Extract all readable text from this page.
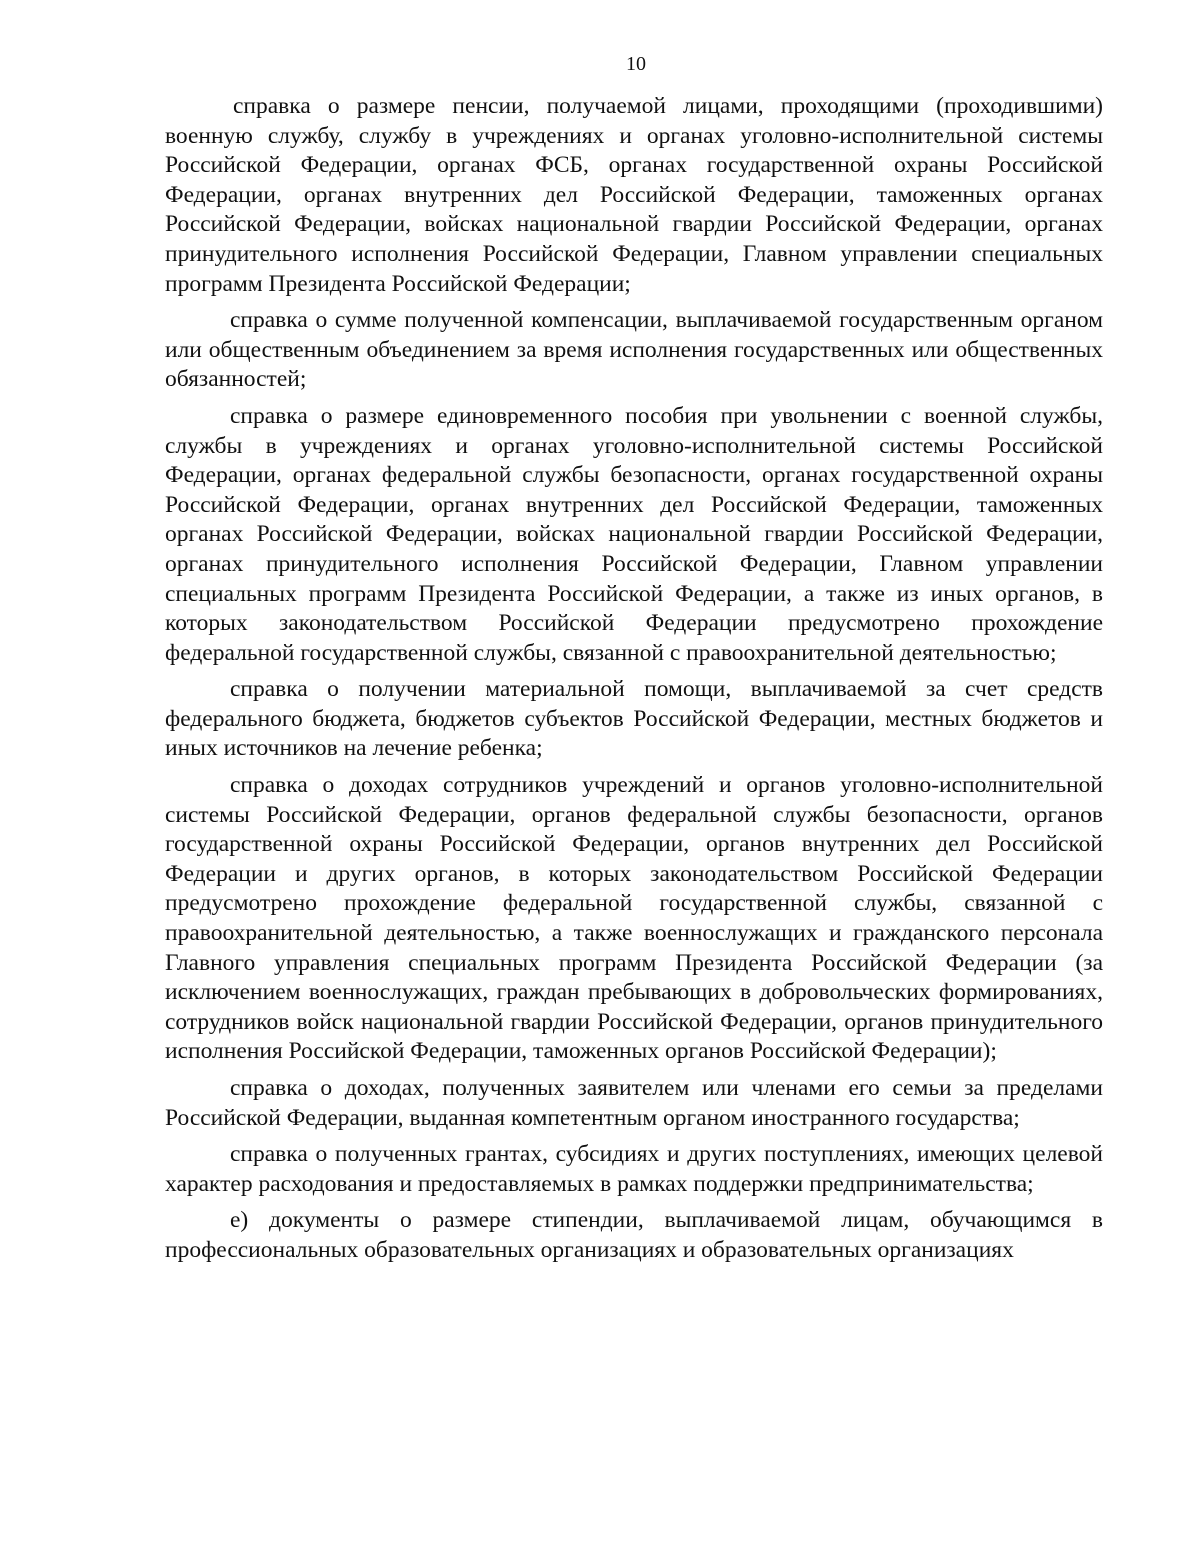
10

справка о размере пенсии, получаемой лицами, проходящими (проходившими) военную службу, службу в учреждениях и органах уголовно-исполнительной системы Российской Федерации, органах ФСБ, органах государственной охраны Российской Федерации, органах внутренних дел Российской Федерации, таможенных органах Российской Федерации, войсках национальной гвардии Российской Федерации, органах принудительного исполнения Российской Федерации, Главном управлении специальных программ Президента Российской Федерации;

справка о сумме полученной компенсации, выплачиваемой государственным органом или общественным объединением за время исполнения государственных или общественных обязанностей;

справка о размере единовременного пособия при увольнении с военной службы, службы в учреждениях и органах уголовно-исполнительной системы Российской Федерации, органах федеральной службы безопасности, органах государственной охраны Российской Федерации, органах внутренних дел Российской Федерации, таможенных органах Российской Федерации, войсках национальной гвардии Российской Федерации, органах принудительного исполнения Российской Федерации, Главном управлении специальных программ Президента Российской Федерации, а также из иных органов, в которых законодательством Российской Федерации предусмотрено прохождение федеральной государственной службы, связанной с правоохранительной деятельностью;

справка о получении материальной помощи, выплачиваемой за счет средств федерального бюджета, бюджетов субъектов Российской Федерации, местных бюджетов и иных источников на лечение ребенка;

справка о доходах сотрудников учреждений и органов уголовно-исполнительной системы Российской Федерации, органов федеральной службы безопасности, органов государственной охраны Российской Федерации, органов внутренних дел Российской Федерации и других органов, в которых законодательством Российской Федерации предусмотрено прохождение федеральной государственной службы, связанной с правоохранительной деятельностью, а также военнослужащих и гражданского персонала Главного управления специальных программ Президента Российской Федерации (за исключением военнослужащих, граждан пребывающих в добровольческих формированиях, сотрудников войск национальной гвардии Российской Федерации, органов принудительного исполнения Российской Федерации, таможенных органов Российской Федерации);

справка о доходах, полученных заявителем или членами его семьи за пределами Российской Федерации, выданная компетентным органом иностранного государства;

справка о полученных грантах, субсидиях и других поступлениях, имеющих целевой характер расходования и предоставляемых в рамках поддержки предпринимательства;

е) документы о размере стипендии, выплачиваемой лицам, обучающимся в профессиональных образовательных организациях и образовательных организациях
